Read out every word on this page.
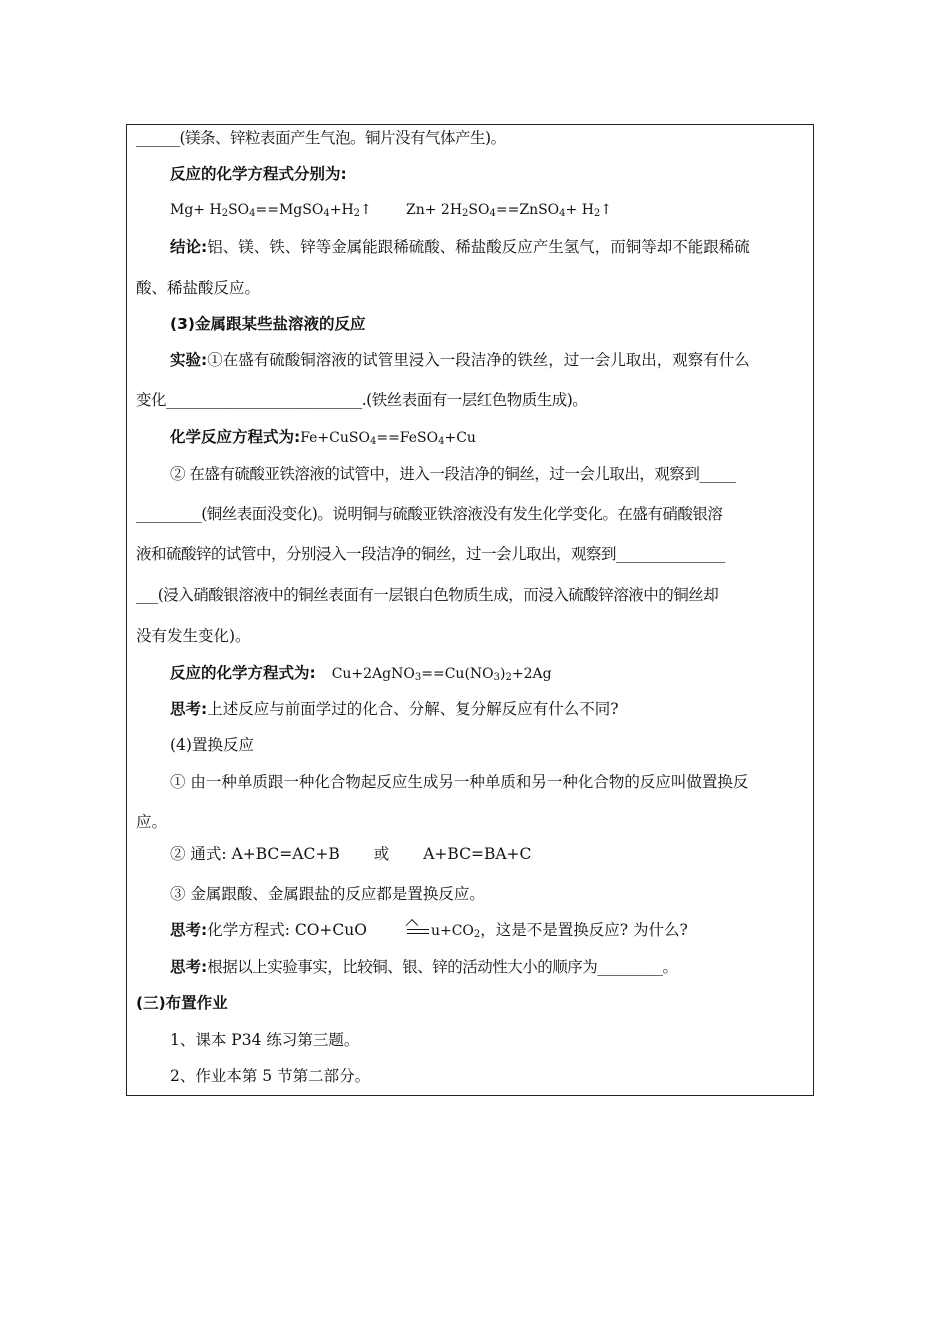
______(镁条、锌粒表面产生气泡。铜片没有气体产生)。
反应的化学方程式分别为:
$Mg+ H_2SO_4==MgSO_4+H_2↑$	$Zn+ 2H_2SO_4==ZnSO_4+$ $H_2↑$
结论:铝、镁、铁、锌等金属能跟稀硫酸、稀盐酸反应产生氢气，而铜等却不能跟稀硫
酸、稀盐酸反应。
(3)金属跟某些盐溶液的反应
实验:①在盛有硫酸铜溶液的试管里浸入一段洁净的铁丝，过一会儿取出，观察有什么
变化___________________________.(铁丝表面有一层红色物质生成)。
化学反应方程式为:Fe+CuSO$_4$==FeSO$_4$+Cu
② 在盛有硫酸亚铁溶液的试管中，进入一段洁净的铜丝，过一会儿取出，观察到_____
_________(铜丝表面没变化)。说明铜与硫酸亚铁溶液没有发生化学变化。在盛有硝酸银溶
液和硫酸锌的试管中，分别浸入一段洁净的铜丝，过一会儿取出，观察到_______________
___(浸入硝酸银溶液中的铜丝表面有一层银白色物质生成，而浸入硫酸锌溶液中的铜丝却
没有发生变化)。
反应的化学方程式为: $Cu+2AgNO_3==Cu(NO_3)_2+2Ag$
思考:上述反应与前面学过的化合、分解、复分解反应有什么不同?
(4)置换反应
① 由一种单质跟一种化合物起反应生成另一种单质和另一种化合物的反应叫做置换反
应。
② 通式: A+BC=AC+B 或 A+BC=BA+C
③ 金属跟酸、金属跟盐的反应都是置换反应。
思考:化学方程式: CO+CuO	$u+CO_2$，这是不是置换反应? 为什么?
思考:根据以上实验事实，比较铜、银、锌的活动性大小的顺序为_________。
(三)布置作业
1、课本 P34 练习第三题。
2、作业本第 5 节第二部分。
